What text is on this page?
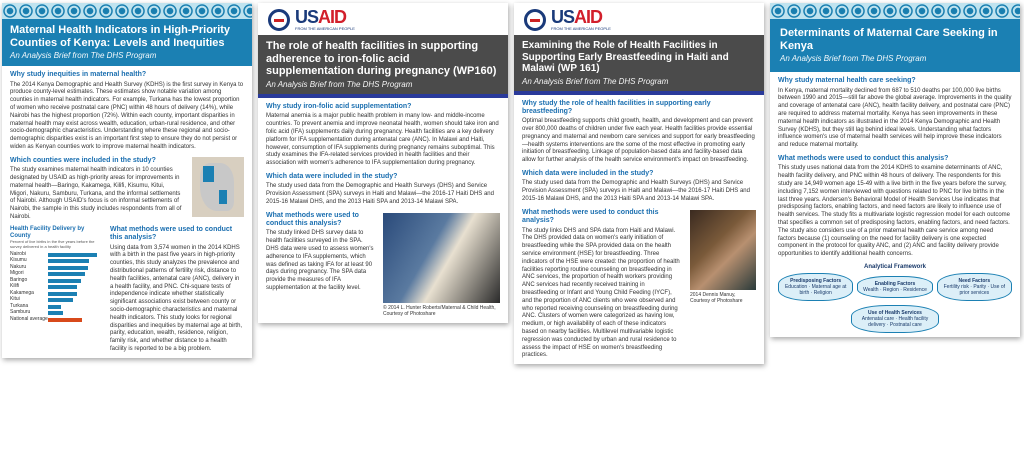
Maternal Health Indicators in High-Priority Counties of Kenya: Levels and Inequities
An Analysis Brief from The DHS Program
Why study inequities in maternal health?
The 2014 Kenya Demographic and Health Survey (KDHS) is the first survey in Kenya to produce county-level estimates. These estimates show notable variation among counties in maternal health indicators. For example, Turkana has the lowest proportion of women who receive postnatal care (PNC) within 48 hours of delivery (14%), while Nairobi has the highest proportion (72%). Within each county, important disparities in maternal health may exist across wealth, education, urban-rural residence, and other socio-demographic characteristics. Understanding where these regional and socio-demographic disparities exist is an important first step to ensure they do not persist or widen as Kenyan counties work to improve maternal health indicators.
Which counties were included in the study?
The study examines maternal health indicators in 10 counties designated by USAID as high-priority areas for improvements in maternal health—Baringo, Kakamega, Kilifi, Kisumu, Kitui, Migori, Nakuru, Samburu, Turkana, and the informal settlements of Nairobi. Although USAID's focus is on informal settlements of Nairobi, the sample in this study includes respondents from all of Nairobi.
Health Facility Delivery by County
Percent of live births in the five years before the survey delivered in a health facility
Nairobi
Kisumu
Nakuru
Migori
Baringo
Kilifi
Kakamega
Kitui
Turkana
Samburu
National average
What methods were used to conduct this analysis?
Using data from 3,574 women in the 2014 KDHS with a birth in the past five years in high-priority counties, this study analyzes the prevalence and distributional patterns of fertility risk, distance to health facilities, antenatal care (ANC), delivery in a health facility, and PNC. Chi-square tests of independence indicate whether statistically significant associations exist between county or socio-demographic characteristics and maternal health indicators. This study looks for regional disparities and inequities by maternal age at birth, parity, education, wealth, residence, religion, family risk, and whether distance to a health facility is reported to be a big problem.
USAID
FROM THE AMERICAN PEOPLE
The role of health facilities in supporting adherence to iron-folic acid supplementation during pregnancy (WP160)
An Analysis Brief from The DHS Program
Why study iron-folic acid supplementation?
Maternal anemia is a major public health problem in many low- and middle-income countries. To prevent anemia and improve neonatal health, women should take iron and folic acid (IFA) supplements daily during pregnancy. Health facilities are a key delivery platform for IFA supplementation during antenatal care (ANC). In Malawi and Haiti, however, consumption of IFA supplements during pregnancy remains suboptimal. This study examines the IFA-related services provided in health facilities and their association with women's adherence to IFA supplementation during pregnancy.
Which data were included in the study?
The study used data from the Demographic and Health Surveys (DHS) and Service Provision Assessment (SPA) surveys in Haiti and Malawi—the 2016-17 Haiti DHS and 2015-16 Malawi DHS, and the 2013 Haiti SPA and 2013-14 Malawi SPA.
What methods were used to conduct this analysis?
The study linked DHS survey data to health facilities surveyed in the SPA. DHS data were used to assess women's adherence to IFA supplements, which was defined as taking IFA for at least 90 days during pregnancy. The SPA data provide the measures of IFA supplementation at the facility level.
© 2014 L. Hunter Roberts/Maternal & Child Health, Courtesy of Photoshare
USAID
FROM THE AMERICAN PEOPLE
Examining the Role of Health Facilities in Supporting Early Breastfeeding in Haiti and Malawi (WP 161)
An Analysis Brief from The DHS Program
Why study the role of health facilities in supporting early breastfeeding?
Optimal breastfeeding supports child growth, health, and development and can prevent over 800,000 deaths of children under five each year. Health facilities provide essential pregnancy and maternal and newborn care services and support for early breastfeeding—health systems interventions are the some of the most effective in promoting early initiation of breastfeeding. Linkage of population-based data and facility-based data allow for further analysis of the health service environment's impact on breastfeeding.
Which data were included in the study?
The study used data from the Demographic and Health Surveys (DHS) and Service Provision Assessment (SPA) surveys in Haiti and Malawi—the 2016-17 Haiti DHS and 2015-16 Malawi DHS, and the 2013 Haiti SPA and 2013-14 Malawi SPA.
What methods were used to conduct this analysis?
The study links DHS and SPA data from Haiti and Malawi. The DHS provided data on women's early initiation of breastfeeding while the SPA provided data on the health service environment (HSE) for breastfeeding. Three indicators of the HSE were created: the proportion of health facilities reporting routine counseling on breastfeeding in ANC services, the proportion of health workers providing ANC services had recently received training in breastfeeding or Infant and Young Child Feeding (IYCF), and the proportion of ANC clients who were observed and who reported receiving counseling on breastfeeding during ANC. Clusters of women were categorized as having low, medium, or high availability of each of these indicators based on nearby facilities. Multilevel multivariable logistic regression was conducted by urban and rural residence to assess the impact of HSE on women's breastfeeding practices.
2014 Dennis Manuy, Courtesy of Photoshare
Determinants of Maternal Care Seeking in Kenya
An Analysis Brief from The DHS Program
Why study maternal health care seeking?
In Kenya, maternal mortality declined from 687 to 510 deaths per 100,000 live births between 1990 and 2015—still far above the global average. Improvements in the quality and coverage of antenatal care (ANC), health facility delivery, and postnatal care (PNC) are required to address maternal mortality. Kenya has seen improvements in these maternal health indicators as illustrated in the 2014 Kenya Demographic and Health Survey (KDHS), but they still lag behind ideal levels. Understanding what factors influence women's use of maternal health services will help improve these indicators and reduce maternal mortality.
What methods were used to conduct this analysis?
This study uses national data from the 2014 KDHS to examine determinants of ANC, health facility delivery, and PNC within 48 hours of delivery. The respondents for this study are 14,949 women age 15-49 with a live birth in the five years before the survey, including 7,152 women interviewed with questions related to PNC for live births in the last three years. Andersen's Behavioral Model of Health Services Use indicates that predisposing factors, enabling factors, and need factors are likely to influence use of health services. The study fits a multivariate logistic regression model for each outcome that specifies a common set of predisposing factors, enabling factors, and need factors. The study also considers use of a prior maternal health care service among need factors because (1) counseling on the need for facility delivery is one expected component in the protocol for quality ANC, and (2) ANC and facility delivery provide opportunities to identify additional health concerns.
Analytical Framework
Predisposing Factors
Education · Maternal age at birth · Religion
Enabling Factors
Wealth · Region · Residence
Need Factors
Fertility risk · Parity · Use of prior services
Use of Health Services
Antenatal care · Health facility delivery · Postnatal care
